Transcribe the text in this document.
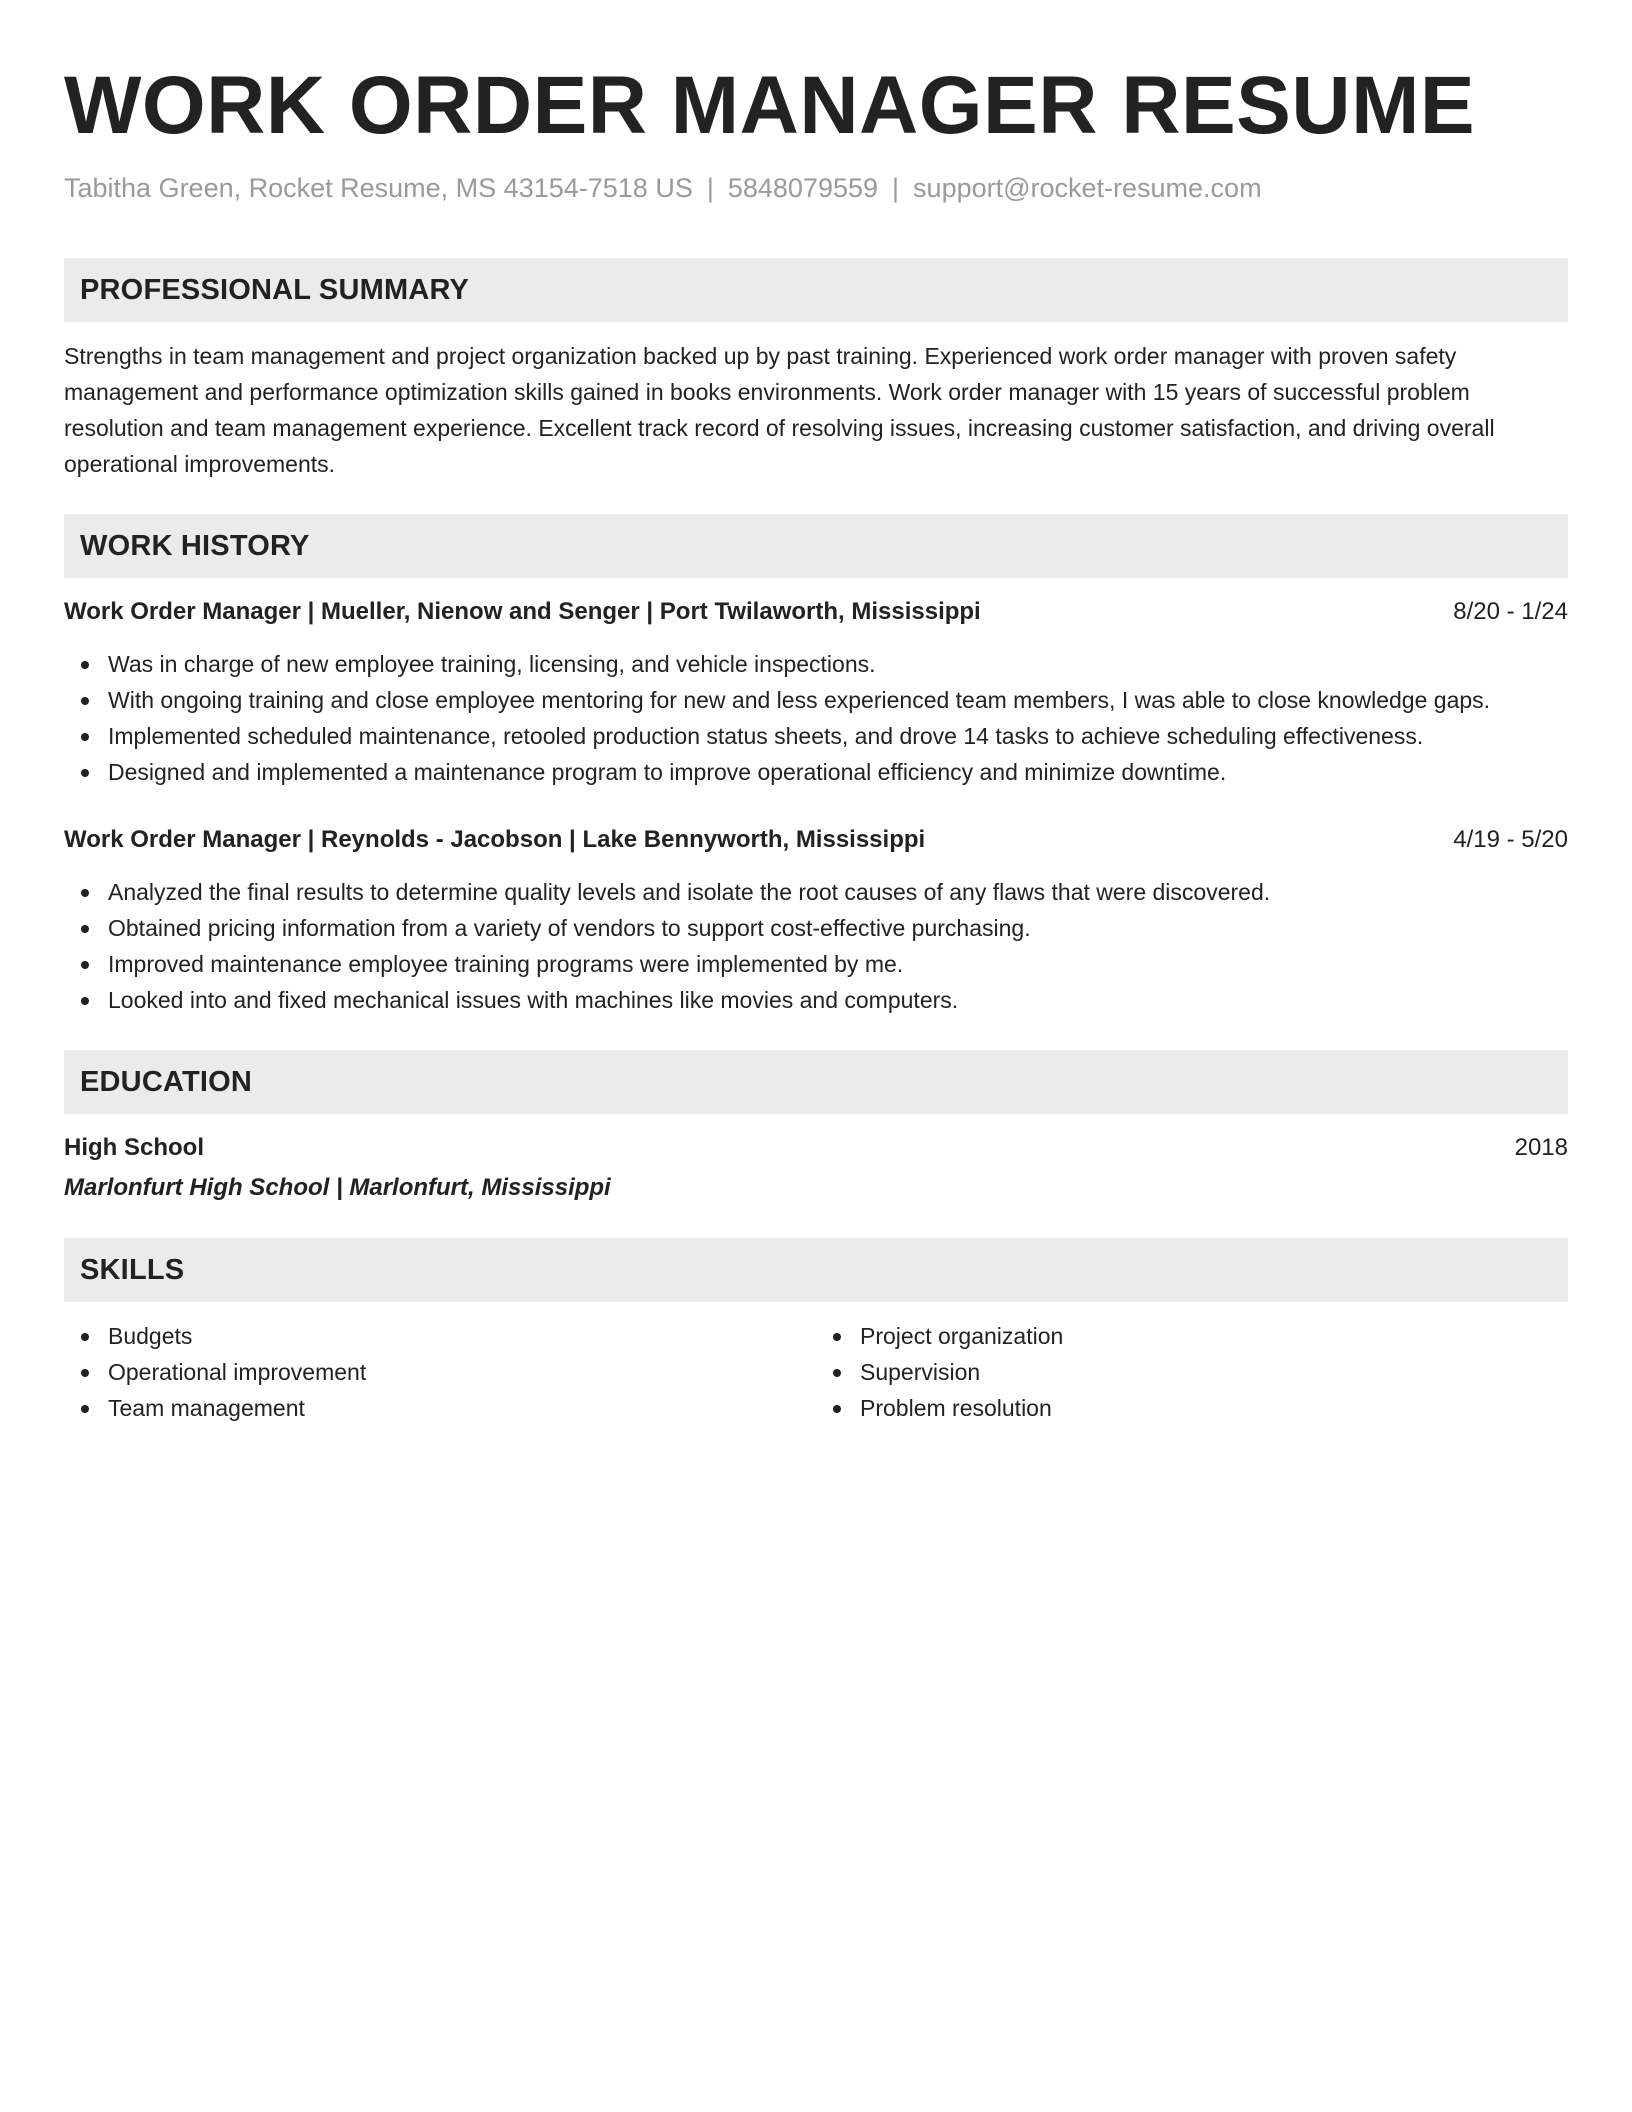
WORK ORDER MANAGER RESUME
Tabitha Green, Rocket Resume, MS 43154-7518 US | 5848079559 | support@rocket-resume.com
PROFESSIONAL SUMMARY

Strengths in team management and project organization backed up by past training. Experienced work order manager with proven safety management and performance optimization skills gained in books environments. Work order manager with 15 years of successful problem resolution and team management experience. Excellent track record of resolving issues, increasing customer satisfaction, and driving overall operational improvements.

WORK HISTORY
Work Order Manager | Mueller, Nienow and Senger | Port Twilaworth, Mississippi	8/20 - 1/24
Was in charge of new employee training, licensing, and vehicle inspections.
With ongoing training and close employee mentoring for new and less experienced team members, I was able to close knowledge gaps.
Implemented scheduled maintenance, retooled production status sheets, and drove 14 tasks to achieve scheduling effectiveness.
Designed and implemented a maintenance program to improve operational efficiency and minimize downtime.
Work Order Manager | Reynolds - Jacobson | Lake Bennyworth, Mississippi	4/19 - 5/20
Analyzed the final results to determine quality levels and isolate the root causes of any flaws that were discovered.
Obtained pricing information from a variety of vendors to support cost-effective purchasing.
Improved maintenance employee training programs were implemented by me.
Looked into and fixed mechanical issues with machines like movies and computers.
EDUCATION
High School	2018
Marlonfurt High School | Marlonfurt, Mississippi
SKILLS
Budgets
Operational improvement
Team management
Project organization
Supervision
Problem resolution
